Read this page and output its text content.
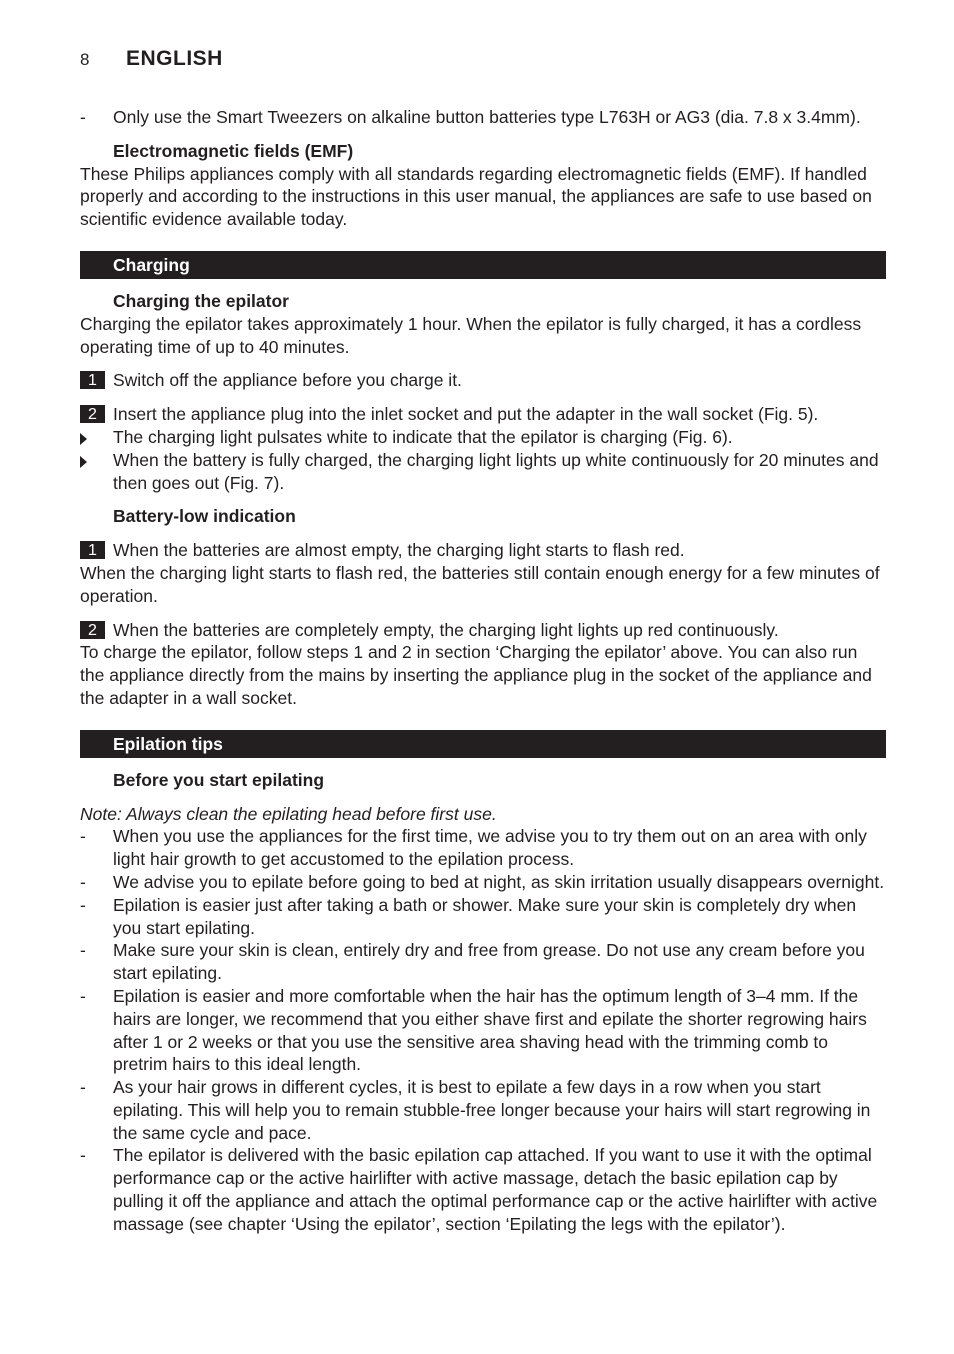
8	ENGLISH
-	Only use the Smart Tweezers on alkaline button batteries type L763H or AG3 (dia. 7.8 x 3.4mm).
Electromagnetic fields (EMF)

These Philips appliances comply with all standards regarding electromagnetic fields (EMF). If handled properly and according to the instructions in this user manual, the appliances are safe to use based on scientific evidence available today.

Charging
Charging the epilator

Charging the epilator takes approximately 1 hour. When the epilator is fully charged, it has a cordless operating time of up to 40 minutes.

1 Switch off the appliance before you charge it.
2 Insert the appliance plug into the inlet socket and put the adapter in the wall socket (Fig. 5).
The charging light pulsates white to indicate that the epilator is charging (Fig. 6).
When the battery is fully charged, the charging light lights up white continuously for 20 minutes and then goes out (Fig. 7).
Battery-low indication
1 When the batteries are almost empty, the charging light starts to flash red.

When the charging light starts to flash red, the batteries still contain enough energy for a few minutes of operation.

2 When the batteries are completely empty, the charging light lights up red continuously.

To charge the epilator, follow steps 1 and 2 in section ‘Charging the epilator’ above. You can also run the appliance directly from the mains by inserting the appliance plug in the socket of the appliance and the adapter in a wall socket.

Epilation tips
Before you start epilating
Note: Always clean the epilating head before first use.
-	When you use the appliances for the first time, we advise you to try them out on an area with only light hair growth to get accustomed to the epilation process.
-	We advise you to epilate before going to bed at night, as skin irritation usually disappears overnight.
-	Epilation is easier just after taking a bath or shower. Make sure your skin is completely dry when you start epilating.
-	Make sure your skin is clean, entirely dry and free from grease. Do not use any cream before you start epilating.
-	Epilation is easier and more comfortable when the hair has the optimum length of 3–4 mm. If the hairs are longer, we recommend that you either shave first and epilate the shorter regrowing hairs after 1 or 2 weeks or that you use the sensitive area shaving head with the trimming comb to pretrim hairs to this ideal length.
-	As your hair grows in different cycles, it is best to epilate a few days in a row when you start epilating. This will help you to remain stubble-free longer because your hairs will start regrowing in the same cycle and pace.
-	The epilator is delivered with the basic epilation cap attached. If you want to use it with the optimal performance cap or the active hairlifter with active massage, detach the basic epilation cap by pulling it off the appliance and attach the optimal performance cap or the active hairlifter with active massage (see chapter ‘Using the epilator’, section ‘Epilating the legs with the epilator’).
